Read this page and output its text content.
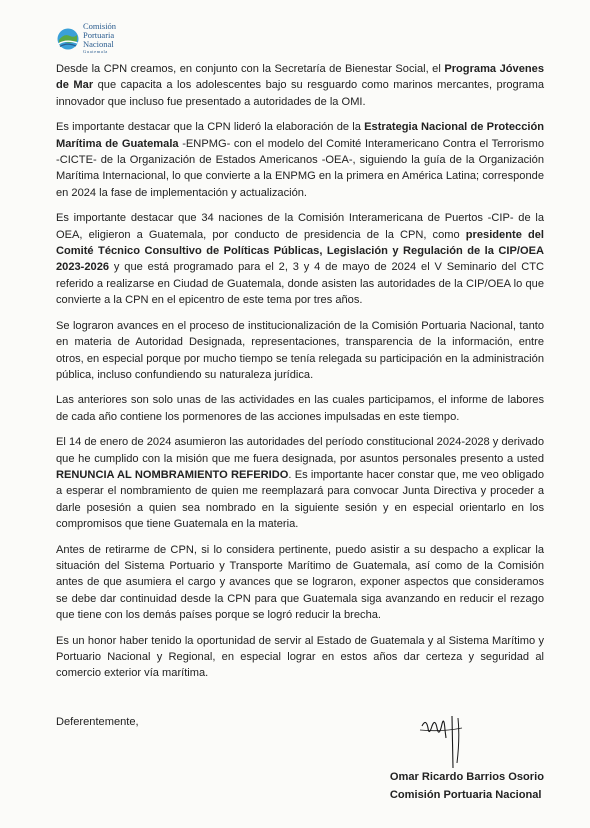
Comisión
Portuaria
Nacional
Guatemala

Desde la CPN creamos, en conjunto con la Secretaría de Bienestar Social, el Programa Jóvenes de Mar que capacita a los adolescentes bajo su resguardo como marinos mercantes, programa innovador que incluso fue presentado a autoridades de la OMI.

Es importante destacar que la CPN lideró la elaboración de la Estrategia Nacional de Protección Marítima de Guatemala -ENPMG- con el modelo del Comité Interamericano Contra el Terrorismo -CICTE- de la Organización de Estados Americanos -OEA-, siguiendo la guía de la Organización Marítima Internacional, lo que convierte a la ENPMG en la primera en América Latina; corresponde en 2024 la fase de implementación y actualización.

Es importante destacar que 34 naciones de la Comisión Interamericana de Puertos -CIP- de la OEA, eligieron a Guatemala, por conducto de presidencia de la CPN, como presidente del Comité Técnico Consultivo de Políticas Públicas, Legislación y Regulación de la CIP/OEA 2023-2026 y que está programado para el 2, 3 y 4 de mayo de 2024 el V Seminario del CTC referido a realizarse en Ciudad de Guatemala, donde asisten las autoridades de la CIP/OEA lo que convierte a la CPN en el epicentro de este tema por tres años.

Se lograron avances en el proceso de institucionalización de la Comisión Portuaria Nacional, tanto en materia de Autoridad Designada, representaciones, transparencia de la información, entre otros, en especial porque por mucho tiempo se tenía relegada su participación en la administración pública, incluso confundiendo su naturaleza jurídica.

Las anteriores son solo unas de las actividades en las cuales participamos, el informe de labores de cada año contiene los pormenores de las acciones impulsadas en este tiempo.

El 14 de enero de 2024 asumieron las autoridades del período constitucional 2024-2028 y derivado que he cumplido con la misión que me fuera designada, por asuntos personales presento a usted RENUNCIA AL NOMBRAMIENTO REFERIDO. Es importante hacer constar que, me veo obligado a esperar el nombramiento de quien me reemplazará para convocar Junta Directiva y proceder a darle posesión a quien sea nombrado en la siguiente sesión y en especial orientarlo en los compromisos que tiene Guatemala en la materia.

Antes de retirarme de CPN, si lo considera pertinente, puedo asistir a su despacho a explicar la situación del Sistema Portuario y Transporte Marítimo de Guatemala, así como de la Comisión antes de que asumiera el cargo y avances que se lograron, exponer aspectos que consideramos se debe dar continuidad desde la CPN para que Guatemala siga avanzando en reducir el rezago que tiene con los demás países porque se logró reducir la brecha.

Es un honor haber tenido la oportunidad de servir al Estado de Guatemala y al Sistema Marítimo y Portuario Nacional y Regional, en especial lograr en estos años dar certeza y seguridad al comercio exterior vía marítima.

Deferentemente,
Omar Ricardo Barrios Osorio
Comisión Portuaria Nacional
